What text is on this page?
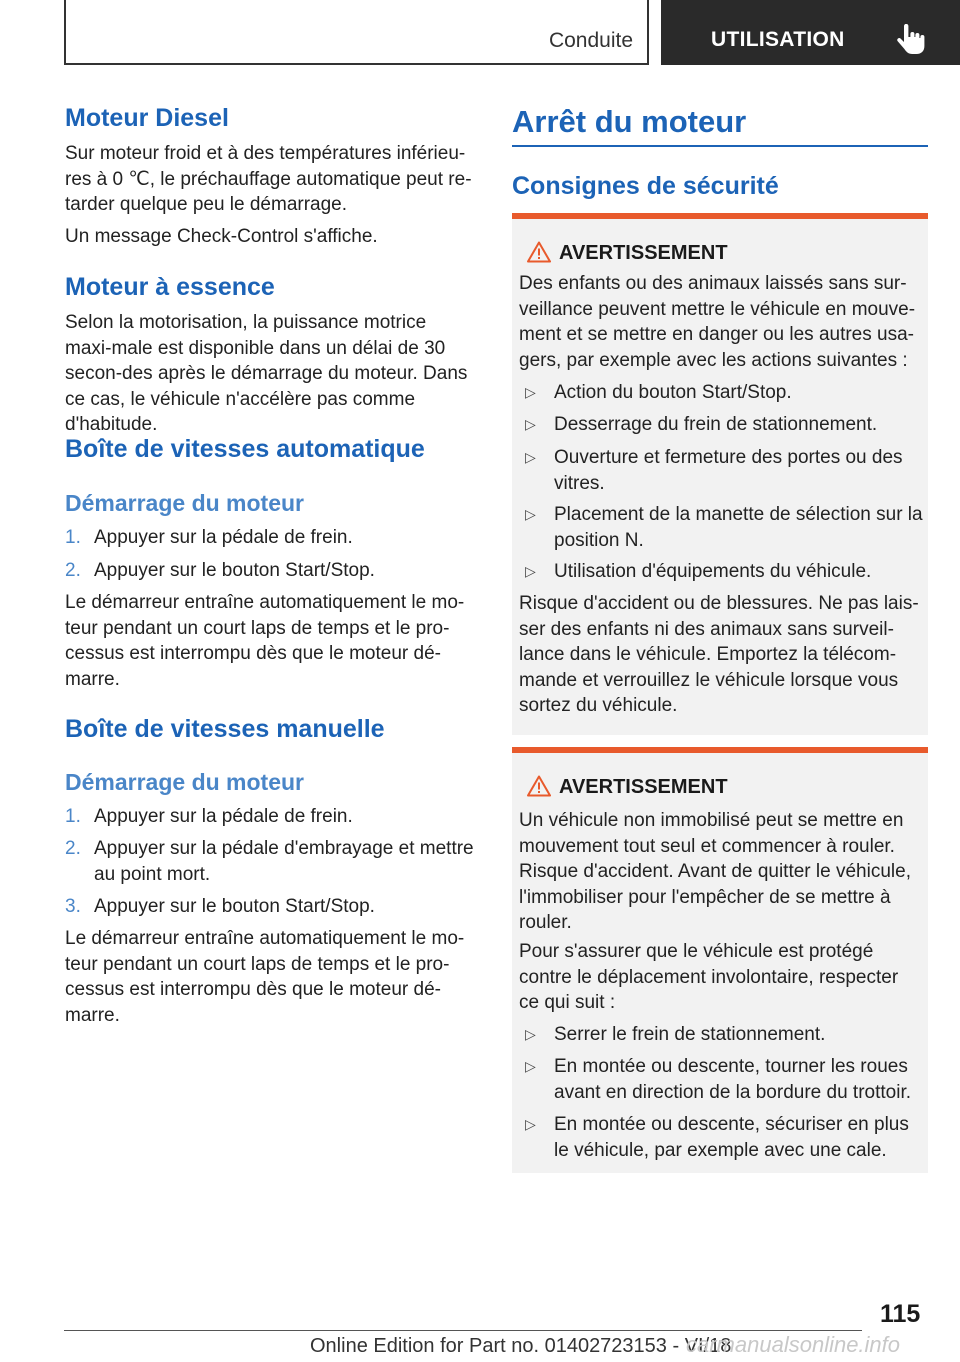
Conduite	UTILISATION
Moteur Diesel

Sur moteur froid et à des températures inférieu-res à 0 ℃, le préchauffage automatique peut re-tarder quelque peu le démarrage.

Un message Check-Control s'affiche.

Moteur à essence

Selon la motorisation, la puissance motrice maxi-male est disponible dans un délai de 30 secon-des après le démarrage du moteur. Dans ce cas, le véhicule n'accélère pas comme d'habitude.

Boîte de vitesses automatique
Démarrage du moteur
1. Appuyer sur la pédale de frein.
2. Appuyer sur le bouton Start/Stop.

Le démarreur entraîne automatiquement le mo-teur pendant un court laps de temps et le pro-cessus est interrompu dès que le moteur dé-marre.

Boîte de vitesses manuelle
Démarrage du moteur
1. Appuyer sur la pédale de frein.
2. Appuyer sur la pédale d'embrayage et mettre au point mort.
3. Appuyer sur le bouton Start/Stop.

Le démarreur entraîne automatiquement le mo-teur pendant un court laps de temps et le pro-cessus est interrompu dès que le moteur dé-marre.

Arrêt du moteur
Consignes de sécurité
AVERTISSEMENT

Des enfants ou des animaux laissés sans sur-veillance peuvent mettre le véhicule en mouve-ment et se mettre en danger ou les autres usa-gers, par exemple avec les actions suivantes :

▷ Action du bouton Start/Stop.
▷ Desserrage du frein de stationnement.
▷ Ouverture et fermeture des portes ou des vitres.
▷ Placement de la manette de sélection sur la position N.
▷ Utilisation d'équipements du véhicule.

Risque d'accident ou de blessures. Ne pas lais-ser des enfants ni des animaux sans surveil-lance dans le véhicule. Emportez la télécom-mande et verrouillez le véhicule lorsque vous sortez du véhicule.

AVERTISSEMENT

Un véhicule non immobilisé peut se mettre en mouvement tout seul et commencer à rouler. Risque d'accident. Avant de quitter le véhicule, l'immobiliser pour l'empêcher de se mettre à rouler.

Pour s'assurer que le véhicule est protégé contre le déplacement involontaire, respecter ce qui suit :

▷ Serrer le frein de stationnement.
▷ En montée ou descente, tourner les roues avant en direction de la bordure du trottoir.
▷ En montée ou descente, sécuriser en plus le véhicule, par exemple avec une cale.
115
Online Edition for Part no. 01402723153 - VI/18
carmanualsonline.info
